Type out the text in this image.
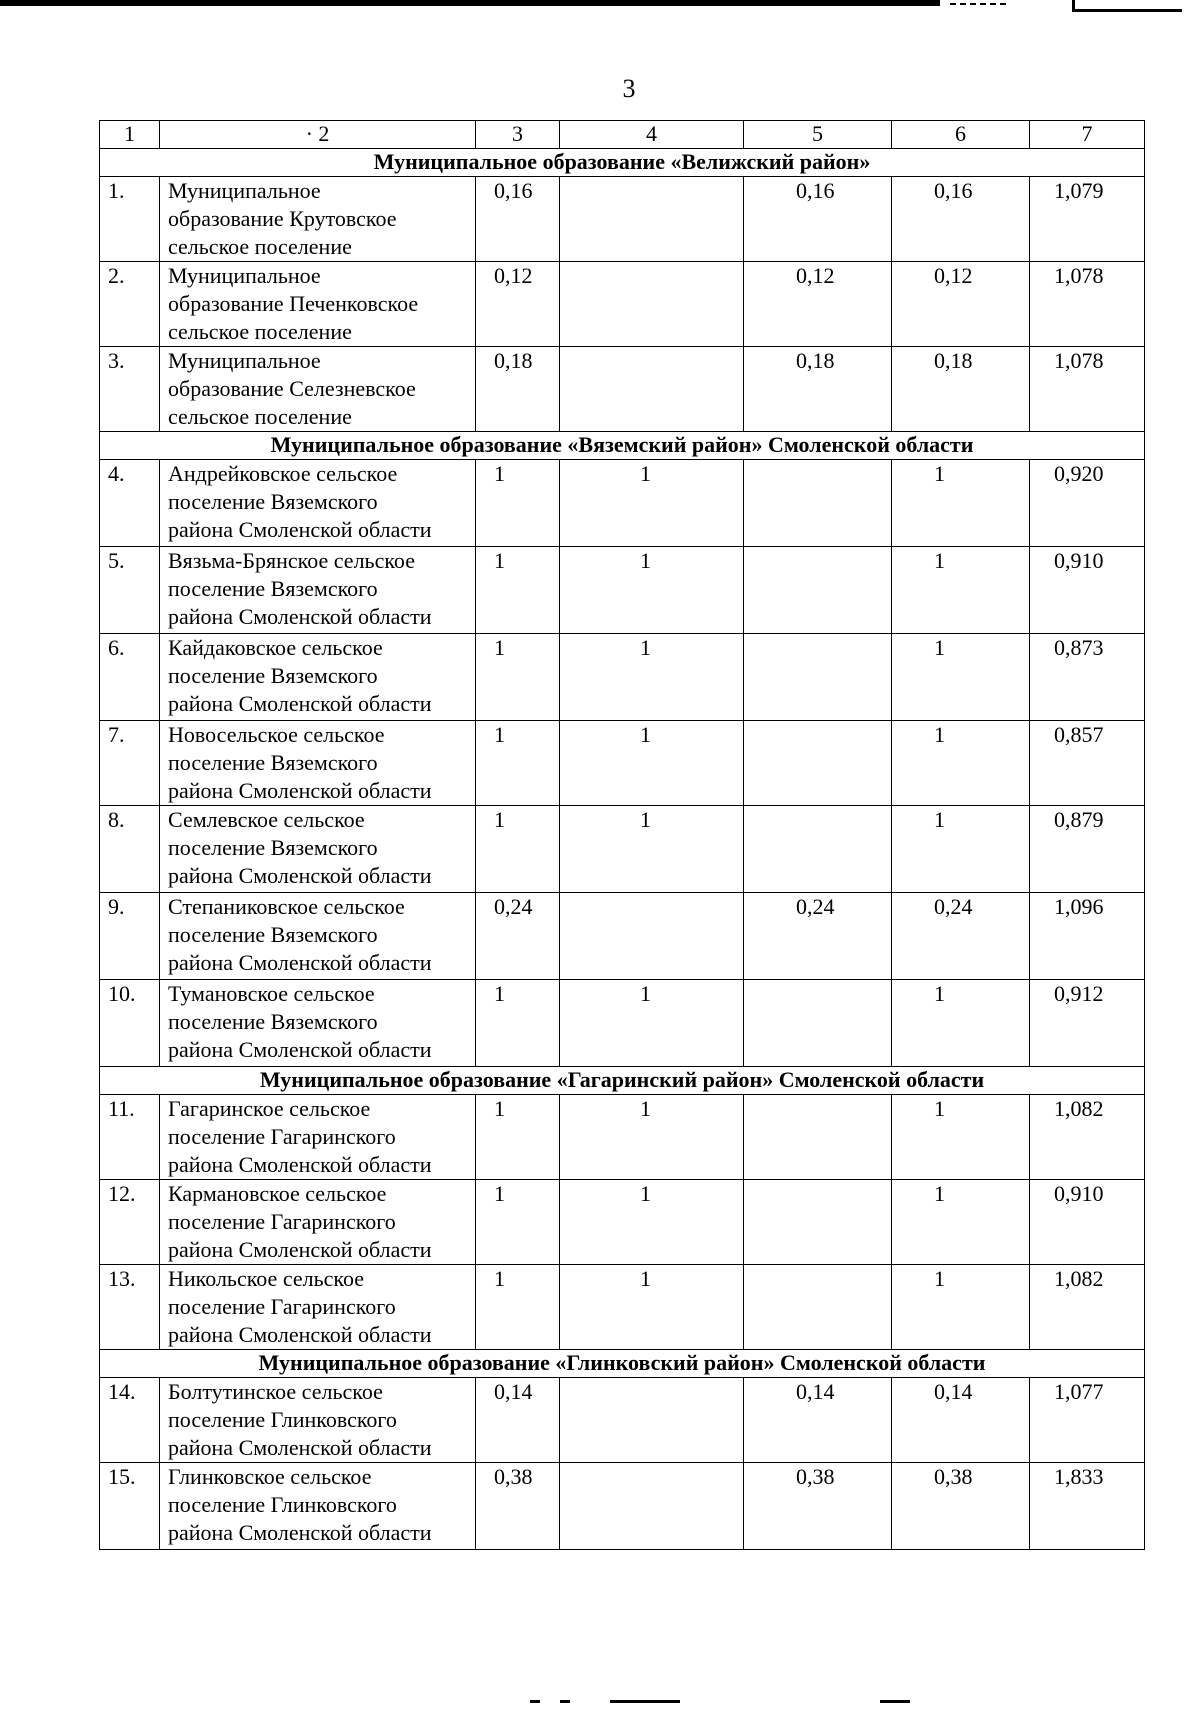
3
1	· 2	3	4	5	6	7
Муниципальное образование «Велижский район»						
1.	Муниципальное
образование Крутовское
сельское поселение	0,16		0,16	0,16	1,079
2.	Муниципальное
образование Печенковское
сельское поселение	0,12		0,12	0,12	1,078
3.	Муниципальное
образование Селезневское
сельское поселение	0,18		0,18	0,18	1,078
Муниципальное образование «Вяземский район» Смоленской области						
4.	Андрейковское сельское
поселение Вяземского
района Смоленской области	1	1		1	0,920
5.	Вязьма-Брянское сельское
поселение Вяземского
района Смоленской области	1	1		1	0,910
6.	Кайдаковское сельское
поселение Вяземского
района Смоленской области	1	1		1	0,873
7.	Новосельское сельское
поселение Вяземского
района Смоленской области	1	1		1	0,857
8.	Семлевское сельское
поселение Вяземского
района Смоленской области	1	1		1	0,879
9.	Степаниковское сельское
поселение Вяземского
района Смоленской области	0,24		0,24	0,24	1,096
10.	Тумановское сельское
поселение Вяземского
района Смоленской области	1	1		1	0,912
Муниципальное образование «Гагаринский район» Смоленской области						
11.	Гагаринское сельское
поселение Гагаринского
района Смоленской области	1	1		1	1,082
12.	Кармановское сельское
поселение Гагаринского
района Смоленской области	1	1		1	0,910
13.	Никольское сельское
поселение Гагаринского
района Смоленской области	1	1		1	1,082
Муниципальное образование «Глинковский район» Смоленской области						
14.	Болтутинское сельское
поселение Глинковского
района Смоленской области	0,14		0,14	0,14	1,077
15.	Глинковское сельское
поселение Глинковского
района Смоленской области	0,38		0,38	0,38	1,833
